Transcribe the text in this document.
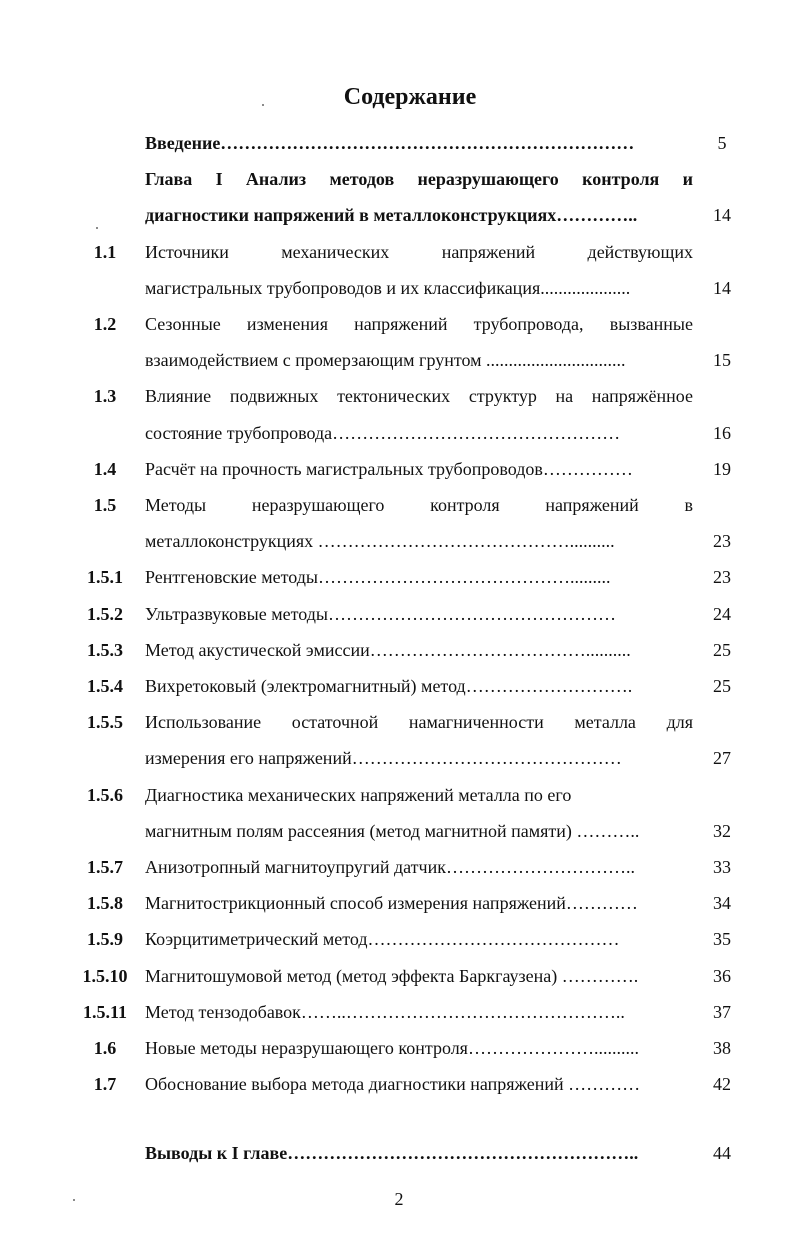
Содержание
Введение……………………………………………………………	5
Глава I Анализ методов неразрушающего контроля и
диагностики напряжений в металлоконструкциях…………..	14
1.1	Источники механических напряжений действующих
магистральных трубопроводов и их классификация....................	14
1.2	Сезонные изменения напряжений трубопровода, вызванные
взаимодействием с промерзающим грунтом ...............................	15
1.3	Влияние подвижных тектонических структур на напряжённое
состояние трубопровода…………………………………………	16
1.4	Расчёт на прочность магистральных трубопроводов……………	19
1.5	Методы неразрушающего контроля напряжений в
металлоконструкциях ……………………………………..........	23
1.5.1	Рентгеновские методы…………………………………….........	23
1.5.2	Ультразвуковые методы…………………………………………	24
1.5.3	Метод акустической эмиссии………………………………..........	25
1.5.4	Вихретоковый (электромагнитный) метод……………………….	25
1.5.5	Использование остаточной намагниченности металла для
измерения его напряжений………………………………………	27
1.5.6	Диагностика механических напряжений металла по его
магнитным полям рассеяния (метод магнитной памяти) ………..	32
1.5.7	Анизотропный магнитоупругий датчик…………………………..	33
1.5.8	Магнитострикционный способ измерения напряжений…………	34
1.5.9	Коэрцитиметрический метод……………………………………	35
1.5.10 Магнитошумовой метод (метод эффекта Баркгаузена) ………….	36
1.5.11	Метод тензодобавок……..………………………………………..	37
1.6	Новые методы неразрушающего контроля…………………..........	38
1.7	Обоснование выбора метода диагностики напряжений …………	42
Выводы к I главе…………………………………………………..	44
2
